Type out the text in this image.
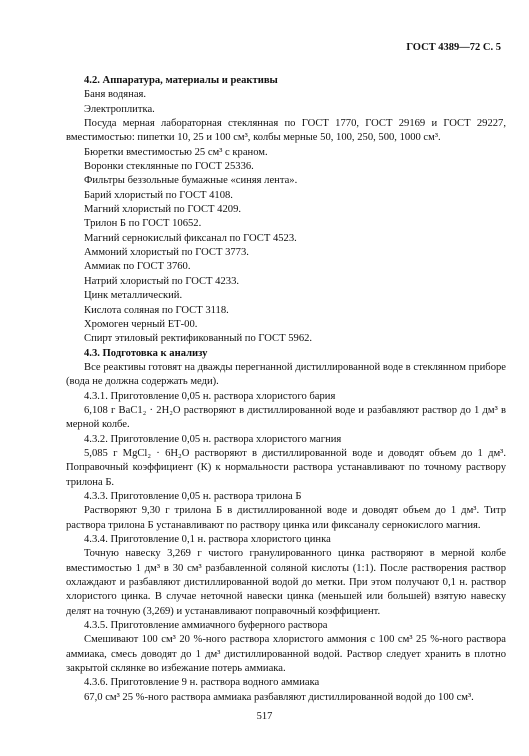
ГОСТ 4389—72 С. 5

4.2. Аппаратура, материалы и реактивы

Баня водяная.

Электроплитка.

Посуда мерная лабораторная стеклянная по ГОСТ 1770, ГОСТ 29169 и ГОСТ 29227, вместимостью: пипетки 10, 25 и 100 см³, колбы мерные 50, 100, 250, 500, 1000 см³.

Бюретки вместимостью 25 см³ с краном.

Воронки стеклянные по ГОСТ 25336.

Фильтры беззольные бумажные «синяя лента».

Барий хлористый по ГОСТ 4108.

Магний хлористый по ГОСТ 4209.

Трилон Б по ГОСТ 10652.

Магний сернокислый фиксанал по ГОСТ 4523.

Аммоний хлористый по ГОСТ 3773.

Аммиак по ГОСТ 3760.

Натрий хлористый по ГОСТ 4233.

Цинк металлический.

Кислота соляная по ГОСТ 3118.

Хромоген черный ЕТ-00.

Спирт этиловый ректификованный по ГОСТ 5962.

4.3. Подготовка к анализу

Все реактивы готовят на дважды перегнанной дистиллированной воде в стеклянном приборе (вода не должна содержать меди).

4.3.1. Приготовление 0,05 н. раствора хлористого бария

6,108 г ВаС1₂ · 2Н₂О растворяют в дистиллированной воде и разбавляют раствор до 1 дм³ в мерной колбе.

4.3.2. Приготовление 0,05 н. раствора хлористого магния

5,085 г MgCl₂ · 6Н₂О растворяют в дистиллированной воде и доводят объем до 1 дм³. Поправочный коэффициент (К) к нормальности раствора устанавливают по точному раствору трилона Б.

4.3.3. Приготовление 0,05 н. раствора трилона Б

Растворяют 9,30 г трилона Б в дистиллированной воде и доводят объем до 1 дм³. Титр раствора трилона Б устанавливают по раствору цинка или фиксаналу сернокислого магния.

4.3.4. Приготовление 0,1 н. раствора хлористого цинка

Точную навеску 3,269 г чистого гранулированного цинка растворяют в мерной колбе вместимостью 1 дм³ в 30 см³ разбавленной соляной кислоты (1:1). После растворения раствор охлаждают и разбавляют дистиллированной водой до метки. При этом получают 0,1 н. раствор хлористого цинка. В случае неточной навески цинка (меньшей или большей) взятую навеску делят на точную (3,269) и устанавливают поправочный коэффициент.

4.3.5. Приготовление аммиачного буферного раствора

Смешивают 100 см³ 20 %-ного раствора хлористого аммония с 100 см³ 25 %-ного раствора аммиака, смесь доводят до 1 дм³ дистиллированной водой. Раствор следует хранить в плотно закрытой склянке во избежание потерь аммиака.

4.3.6. Приготовление 9 н. раствора водного аммиака

67,0 см³ 25 %-ного раствора аммиака разбавляют дистиллированной водой до 100 см³.

517
